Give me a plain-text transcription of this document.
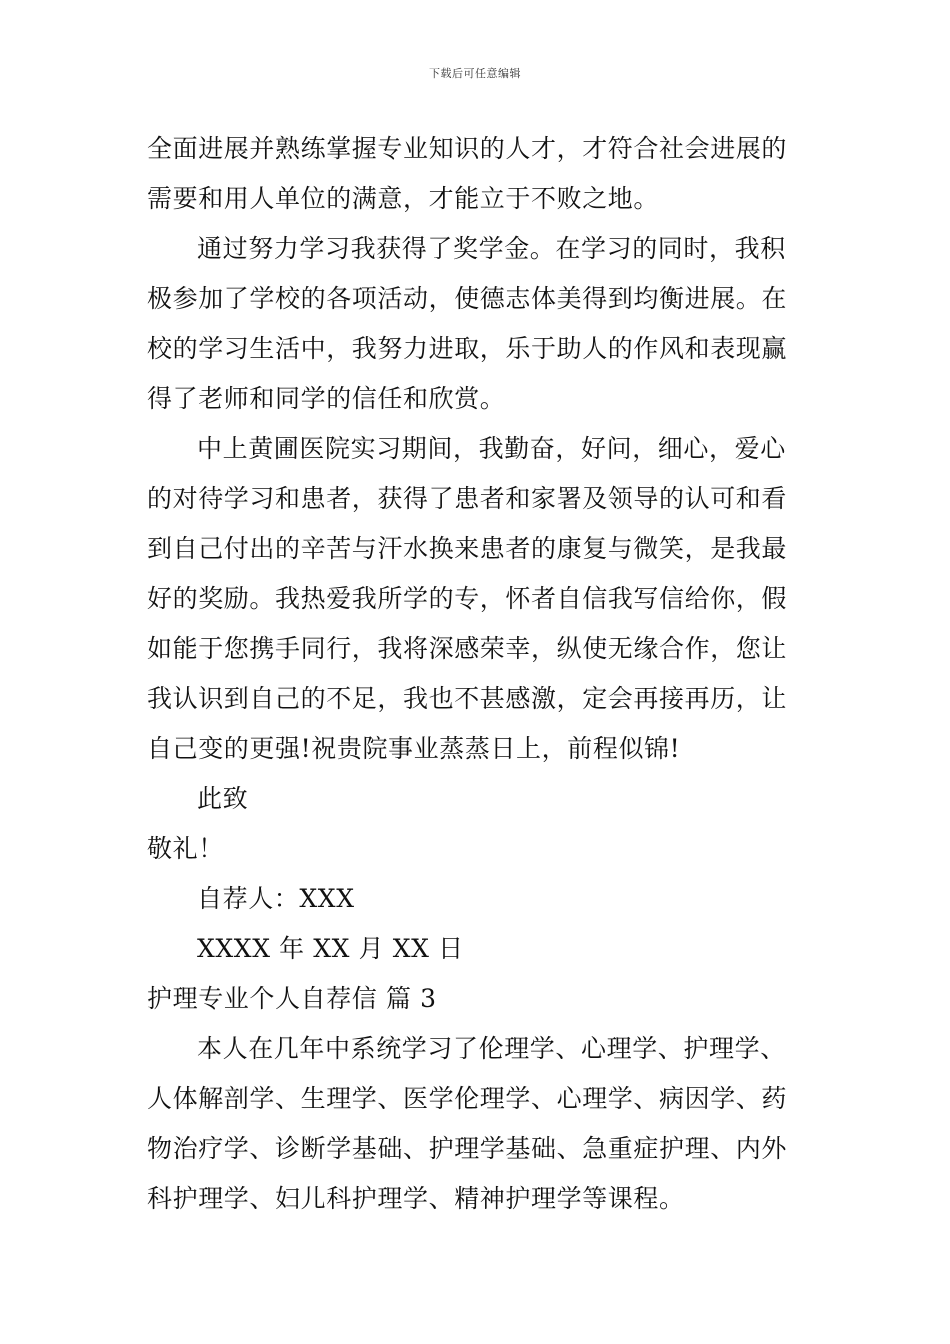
下载后可任意编辑
全面进展并熟练掌握专业知识的人才，才符合社会进展的
需要和用人单位的满意，才能立于不败之地。
通过努力学习我获得了奖学金。在学习的同时，我积
极参加了学校的各项活动，使德志体美得到均衡进展。在
校的学习生活中，我努力进取，乐于助人的作风和表现赢
得了老师和同学的信任和欣赏。
中上黄圃医院实习期间，我勤奋，好问，细心，爱心
的对待学习和患者，获得了患者和家署及领导的认可和看
到自己付出的辛苦与汗水换来患者的康复与微笑，是我最
好的奖励。我热爱我所学的专，怀者自信我写信给你，假
如能于您携手同行，我将深感荣幸，纵使无缘合作，您让
我认识到自己的不足，我也不甚感激，定会再接再历，让
自己变的更强!祝贵院事业蒸蒸日上，前程似锦!
此致
敬礼！
自荐人：XXX
XXXX 年 XX 月 XX 日
护理专业个人自荐信 篇 3
本人在几年中系统学习了伦理学、心理学、护理学、
人体解剖学、生理学、医学伦理学、心理学、病因学、药
物治疗学、诊断学基础、护理学基础、急重症护理、内外
科护理学、妇儿科护理学、精神护理学等课程。
